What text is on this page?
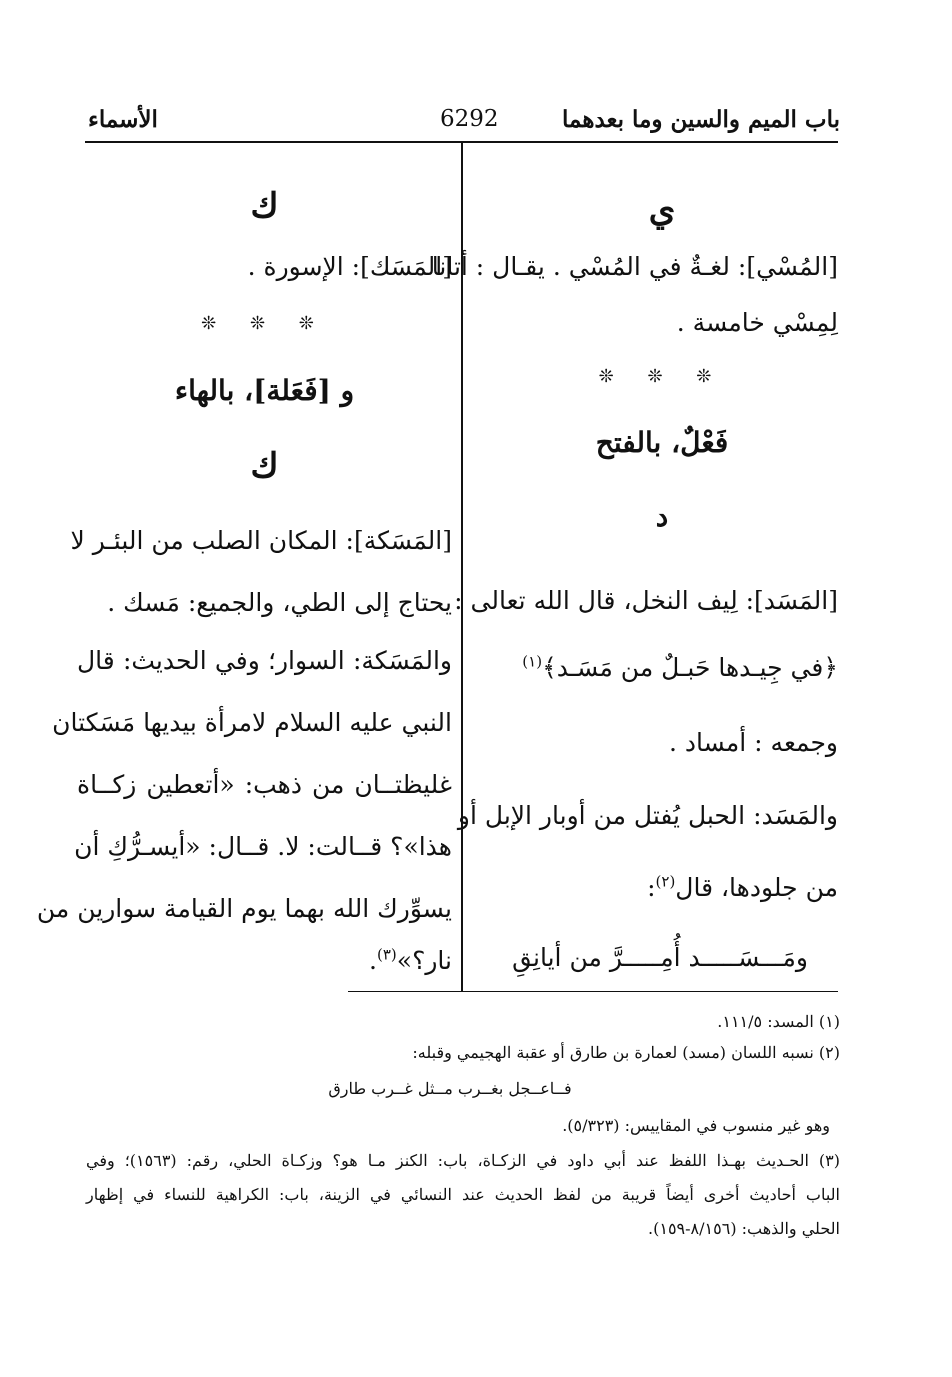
باب الميم والسين وما بعدهما
6292
الأسماء
ي
[المُسْي]: لغـةٌ في المُسْي . يقـال : أتانا
لِمِسْي خامسة .
❊ ❊ ❊
فَعْلٌ، بالفتح
د
[المَسَد]: لِيف النخل، قال الله تعالى :
﴿في جِيـدها حَبـلٌ من مَسَـد﴾$^{(١)}$
وجمعه : أمساد .
والمَسَد: الحبل يُفتل من أوبار الإبل أو
من جلودها، قال$^{(٢)}$:
ومَـــسَـــــد أُمِـــــرَّ من أيانِقِ
ك
[المَسَك]: الإسورة .
❊ ❊ ❊
و [فَعَلة]، بالهاء
ك
[المَسَكة]: المكان الصلب من البئـر لا
يحتاج إلى الطي، والجميع: مَسك .
والمَسَكة: السوار؛ وفي الحديث: قال
النبي عليه السلام لامرأة بيديها مَسَكتان
غليظتــان من ذهب: «أتعطين زكــاة
هذا»؟ قــالت: لا. قــال: «أيسـرُّكِ أن
يسوِّرك الله بهما يوم القيامة سوارين من
نار؟»$^{(٣)}$.
(١) المسد: ١١١/٥.
(٢) نسبه اللسان (مسد) لعمارة بن طارق أو عقبة الهجيمي وقبله:
فــاعــجل بغــرب مــثل غــرب طارق
وهو غير منسوب في المقاييس: (٥/٣٢٣).
(٣) الحـديث بهـذا اللفظ عند أبي داود في الزكـاة، باب: الكنز مـا هو؟ وزكـاة الحلي، رقم: (١٥٦٣)؛ وفي
الباب أحاديث أخرى أيضاً قريبة من لفظ الحديث عند النسائي في الزينة، باب: الكراهية للنساء في إظهار
الحلي والذهب: (٨/١٥٦-١٥٩).
